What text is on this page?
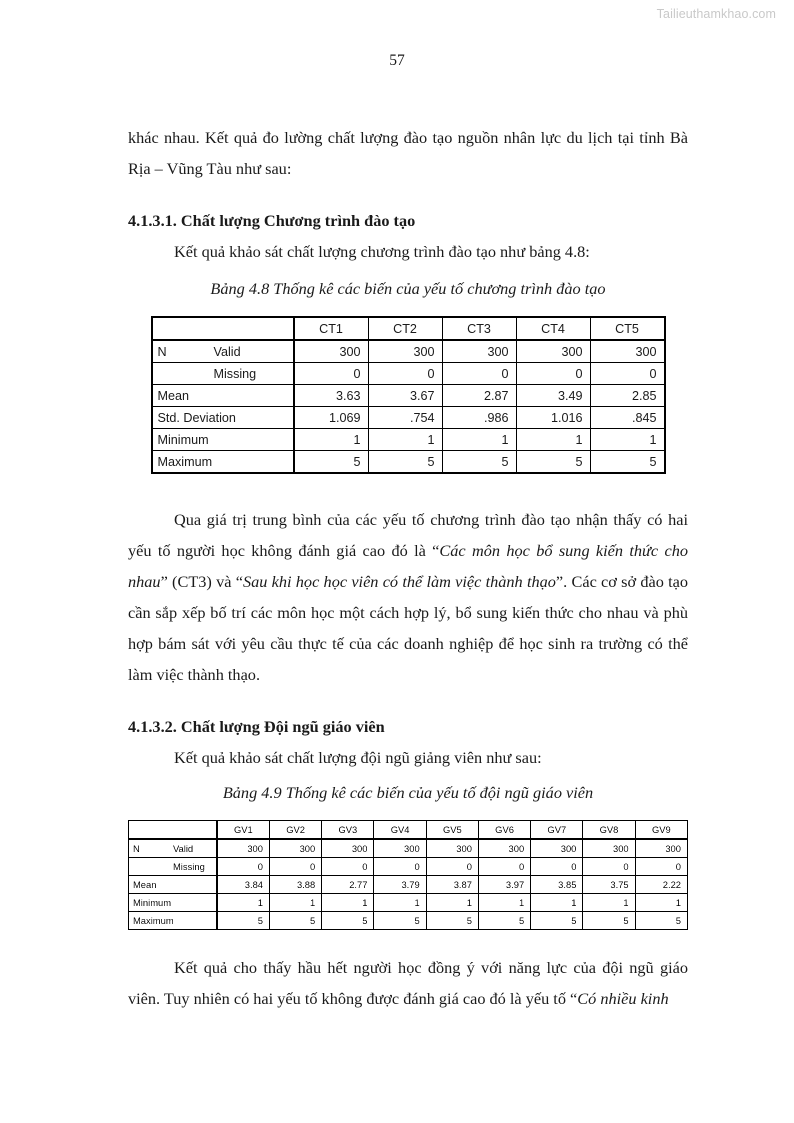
Tailieuthamkhao.com
57

khác nhau. Kết quả đo lường chất lượng đào tạo nguồn nhân lực du lịch tại tỉnh Bà Rịa – Vũng Tàu như sau:

4.1.3.1. Chất lượng Chương trình đào tạo

Kết quả khảo sát chất lượng chương trình đào tạo như bảng 4.8:

Bảng 4.8 Thống kê các biến của yếu tố chương trình đào tạo
	CT1	CT2	CT3	CT4	CT5
N Valid	300	300	300	300	300
Missing	0	0	0	0	0
Mean	3.63	3.67	2.87	3.49	2.85
Std. Deviation	1.069	.754	.986	1.016	.845
Minimum	1	1	1	1	1
Maximum	5	5	5	5	5

Qua giá trị trung bình của các yếu tố chương trình đào tạo nhận thấy có hai yếu tố người học không đánh giá cao đó là “Các môn học bổ sung kiến thức cho nhau” (CT3) và “Sau khi học học viên có thể làm việc thành thạo”. Các cơ sở đào tạo cần sắp xếp bố trí các môn học một cách hợp lý, bổ sung kiến thức cho nhau và phù hợp bám sát với yêu cầu thực tế của các doanh nghiệp để học sinh ra trường có thể làm việc thành thạo.

4.1.3.2. Chất lượng Đội ngũ giáo viên

Kết quả khảo sát chất lượng đội ngũ giảng viên như sau:

Bảng 4.9 Thống kê các biến của yếu tố đội ngũ giáo viên
	GV1	GV2	GV3	GV4	GV5	GV6	GV7	GV8	GV9
N Valid	300	300	300	300	300	300	300	300	300
Missing	0	0	0	0	0	0	0	0	0
Mean	3.84	3.88	2.77	3.79	3.87	3.97	3.85	3.75	2.22
Minimum	1	1	1	1	1	1	1	1	1
Maximum	5	5	5	5	5	5	5	5	5

Kết quả cho thấy hầu hết người học đồng ý với năng lực của đội ngũ giáo viên. Tuy nhiên có hai yếu tố không được đánh giá cao đó là yếu tố “Có nhiều kinh
